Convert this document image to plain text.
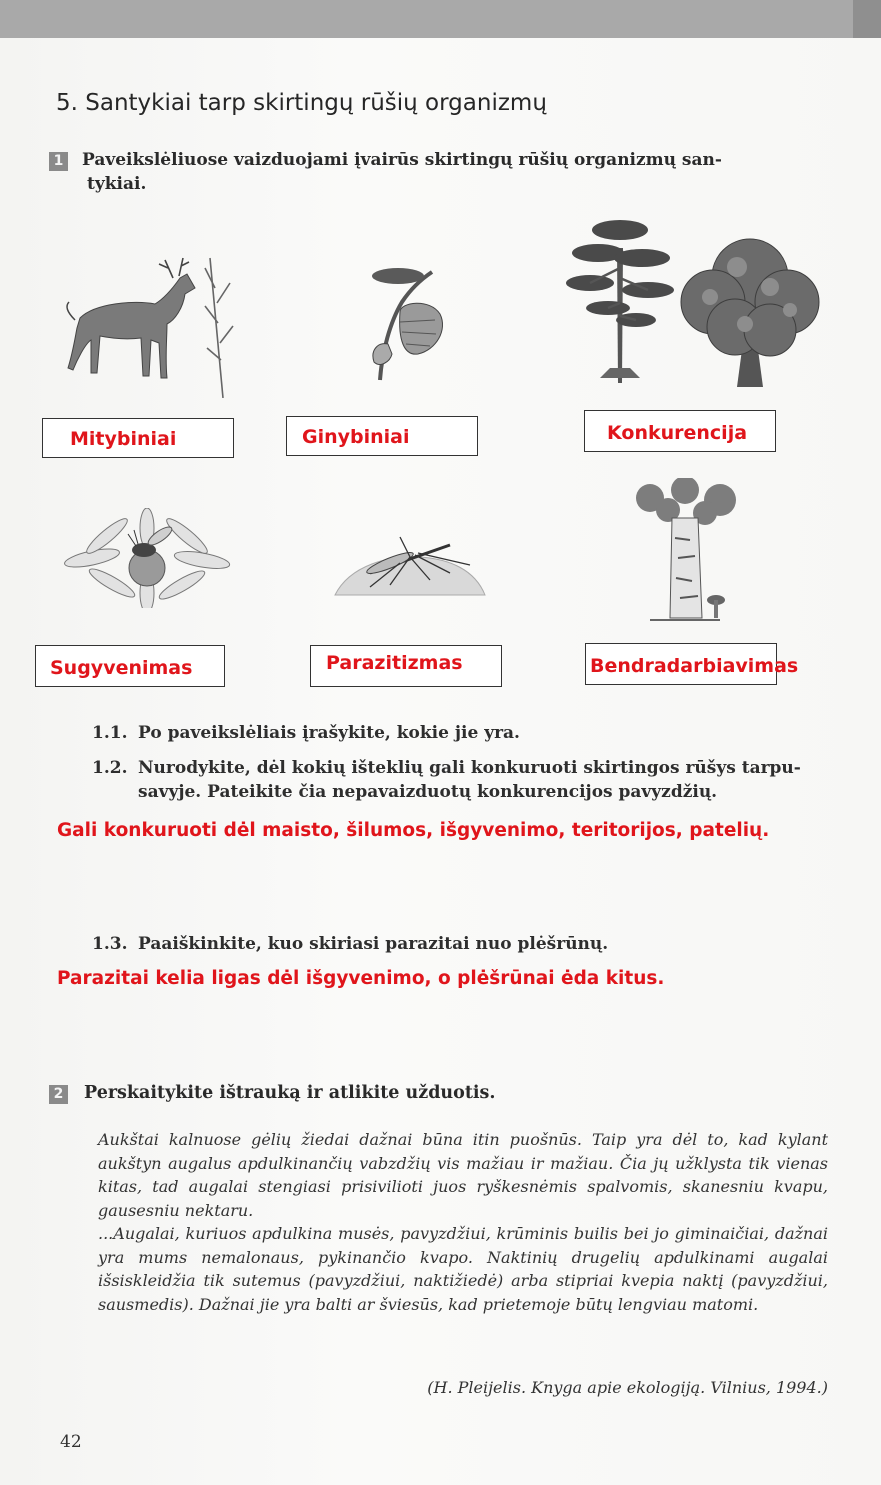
5. Santykiai tarp skirtingų rūšių organizmų
1 Paveikslėliuose vaizduojami įvairūs skirtingų rūšių organizmų san-

tykiai.
Mitybiniai	Ginybiniai	Konkurencija
Sugyvenimas	Parazitizmas	Bendradarbiavimas
1.1. Po paveikslėliais įrašykite, kokie jie yra.
1.2. Nurodykite, dėl kokių išteklių gali konkuruoti skirtingos rūšys tarpu-

savyje. Pateikite čia nepavaizduotų konkurencijos pavyzdžių.
Gali konkuruoti dėl maisto, šilumos, išgyvenimo, teritorijos, patelių.
1.3. Paaiškinkite, kuo skiriasi parazitai nuo plėšrūnų.
Parazitai kelia ligas dėl išgyvenimo, o plėšrūnai ėda kitus.
2 Perskaitykite ištrauką ir atlikite užduotis.

Aukštai kalnuose gėlių žiedai dažnai būna itin puošnūs. Taip yra dėl to, kad kylant aukštyn augalus apdulkinančių vabzdžių vis mažiau ir mažiau. Čia jų užklysta tik vienas kitas, tad augalai stengiasi prisivilioti juos ryškesnėmis spalvomis, skanesniu kvapu, gausesniu nektaru.

...Augalai, kuriuos apdulkina musės, pavyzdžiui, krūminis builis bei jo giminaičiai, dažnai yra mums nemalonaus, pykinančio kvapo. Naktinių drugelių apdulkinami augalai išsiskleidžia tik sutemus (pavyzdžiui, naktižiedė) arba stipriai kvepia naktį (pavyzdžiui, sausmedis). Dažnai jie yra balti ar šviesūs, kad prietemoje būtų lengviau matomi.

(H. Pleijelis. Knyga apie ekologiją. Vilnius, 1994.)
42
